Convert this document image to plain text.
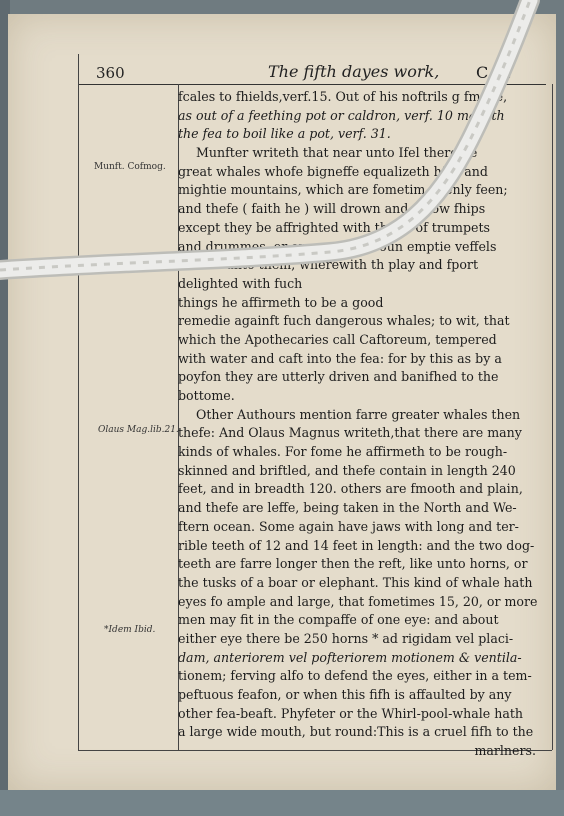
360	The fifth dayes work, C 8.
Munft. Cofmog.
Olaus Mag.lib.21.
*Idem Ibid.
fcales to fhields,verf.15. Out of his noftrils g fmoke,
as out of a feething pot or caldron, verf. 10 maketh
the fea to boil like a pot, verf. 31.
Munfter writeth that near unto Ifel there be
great whales whofe bigneffe equalizeth hills and
mightie mountains, which are fometim openly feen;
and thefe ( faith he ) will drown and throw fhips
except they be affrighted with the fo of trumpets
and drummes, or except fome roun emptie veffels
be caft unto them, wherewith th play and fport
delighted with fuch
things he affirmeth to be a good
remedie againft fuch dangerous whales; to wit, that
which the Apothecaries call Caftoreum, tempered
with water and caft into the fea: for by this as by a
poyfon they are utterly driven and banifhed to the
bottome.
Other Authours mention farre greater whales then
thefe: And Olaus Magnus writeth,that there are many
kinds of whales. For fome he affirmeth to be rough-
skinned and briftled, and thefe contain in length 240
feet, and in breadth 120. others are fmooth and plain,
and thefe are leffe, being taken in the North and We-
ftern ocean. Some again have jaws with long and ter-
rible teeth of 12 and 14 feet in length: and the two dog-
teeth are farre longer then the reft, like unto horns, or
the tusks of a boar or elephant. This kind of whale hath
eyes fo ample and large, that fometimes 15, 20, or more
men may fit in the compaffe of one eye: and about
either eye there be 250 horns * ad rigidam vel placi-
dam, anteriorem vel pofteriorem motionem & ventila-
tionem; ferving alfo to defend the eyes, either in a tem-
peftuous feafon, or when this fifh is affaulted by any
other fea-beaft. Phyfeter or the Whirl-pool-whale hath
a large wide mouth, but round:This is a cruel fifh to the
marlners.
